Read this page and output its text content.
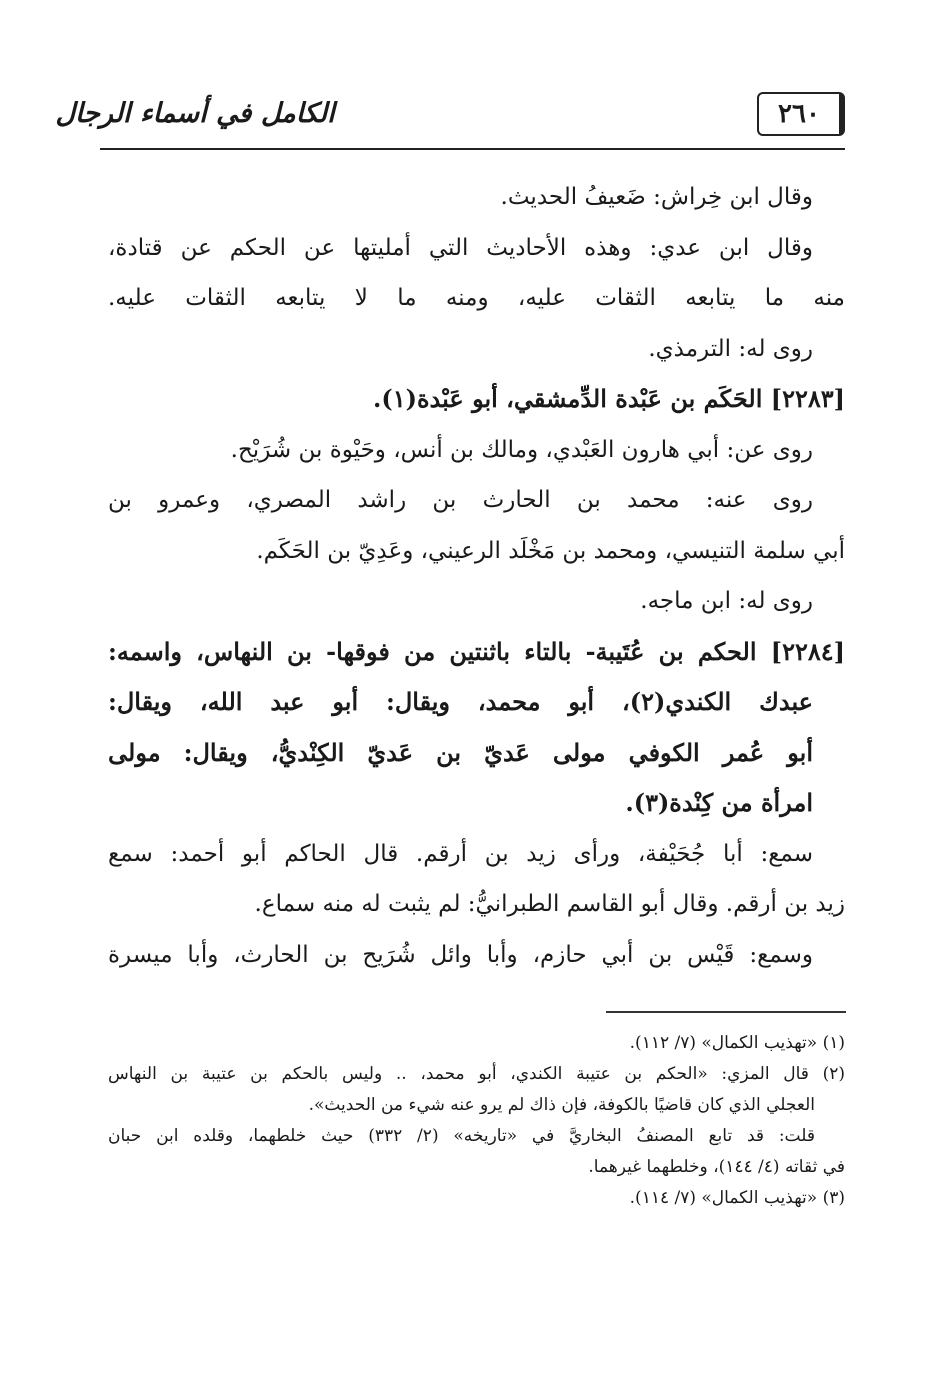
٢٦٠
الكامل في أسماء الرجال
وقال ابن خِراش: ضَعيفُ الحديث.
وقال ابن عدي: وهذه الأحاديث التي أمليتها عن الحكم عن قتادة،
منه ما يتابعه الثقات عليه، ومنه ما لا يتابعه الثقات عليه.
روى له: الترمذي.
[٢٢٨٣] الحَكَم بن عَبْدة الدِّمشقي، أبو عَبْدة(١).
روى عن: أبي هارون العَبْدي، ومالك بن أنس، وحَيْوة بن شُرَيْح.
روى عنه: محمد بن الحارث بن راشد المصري، وعمرو بن
أبي سلمة التنيسي، ومحمد بن مَخْلَد الرعيني، وعَدِيّ بن الحَكَم.
روى له: ابن ماجه.
[٢٢٨٤] الحكم بن عُتَيبة- بالتاء باثنتين من فوقها- بن النهاس، واسمه:
عبدك الكندي(٢)، أبو محمد، ويقال: أبو عبد الله، ويقال:
أبو عُمر الكوفي مولى عَديّ بن عَديّ الكِنْديُّ، ويقال: مولى
امرأة من كِنْدة(٣).
سمع: أبا جُحَيْفة، ورأى زيد بن أرقم. قال الحاكم أبو أحمد: سمع
زيد بن أرقم. وقال أبو القاسم الطبرانيُّ: لم يثبت له منه سماع.
وسمع: قَيْس بن أبي حازم، وأبا وائل شُرَيح بن الحارث، وأبا ميسرة
(١) «تهذيب الكمال» (٧/ ١١٢).
(٢) قال المزي: «الحكم بن عتيبة الكندي، أبو محمد، .. وليس بالحكم بن عتيبة بن النهاس
العجلي الذي كان قاضيًا بالكوفة، فإن ذاك لم يرو عنه شيء من الحديث».
قلت: قد تابع المصنفُ البخاريَّ في «تاريخه» (٢/ ٣٣٢) حيث خلطهما، وقلده ابن حبان
في ثقاته (٤/ ١٤٤)، وخلطهما غيرهما.
(٣) «تهذيب الكمال» (٧/ ١١٤).
